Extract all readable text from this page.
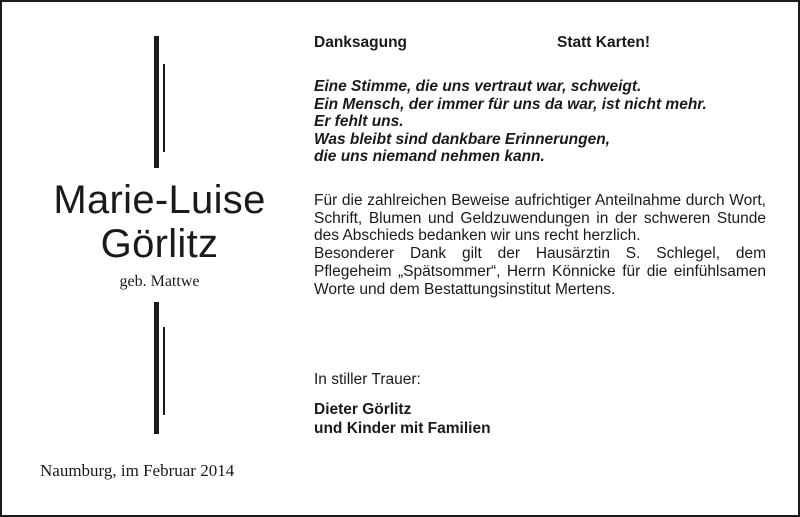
Marie-Luise
Görlitz
geb. Mattwe
Naumburg, im Februar 2014
Danksagung	Statt Karten!
Eine Stimme, die uns vertraut war, schweigt.
Ein Mensch, der immer für uns da war, ist nicht mehr.
Er fehlt uns.
Was bleibt sind dankbare Erinnerungen,
die uns niemand nehmen kann.

Für die zahlreichen Beweise aufrichtiger Anteilnahme durch Wort, Schrift, Blumen und Geldzuwendungen in der schweren Stunde des Abschieds bedanken wir uns recht herzlich.

Besonderer Dank gilt der Hausärztin S. Schlegel, dem Pflegeheim „Spätsommer“, Herrn Könnicke für die einfühlsamen Worte und dem Bestattungsinstitut Mertens.

In stiller Trauer:
Dieter Görlitz
und Kinder mit Familien
